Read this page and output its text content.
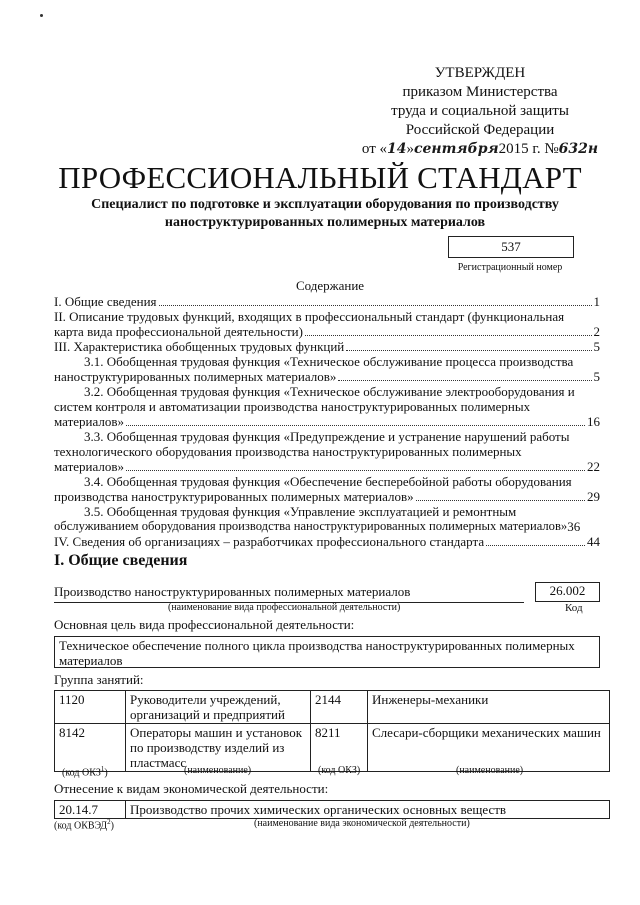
УТВЕРЖДЕН
приказом Министерства
труда и социальной защиты
Российской Федерации
от «14»сентября2015 г. №632н
ПРОФЕССИОНАЛЬНЫЙ СТАНДАРТ
Специалист по подготовке и эксплуатации оборудования по производству наноструктурированных полимерных материалов
537
Регистрационный номер
Содержание
I. Общие сведения	1
II. Описание трудовых функций, входящих в профессиональный стандарт (функциональная
карта вида профессиональной деятельности)	2
III. Характеристика обобщенных трудовых функций	5
3.1. Обобщенная трудовая функция «Техническое обслуживание процесса производства
наноструктурированных полимерных материалов»	5
3.2. Обобщенная трудовая функция «Техническое обслуживание электрооборудования и
систем контроля и автоматизации производства наноструктурированных полимерных
материалов»	16
3.3. Обобщенная трудовая функция «Предупреждение и устранение нарушений работы
технологического оборудования производства наноструктурированных полимерных
материалов»	22
3.4. Обобщенная трудовая функция «Обеспечение бесперебойной работы оборудования
производства наноструктурированных полимерных материалов»	29
3.5. Обобщенная трудовая функция «Управление эксплуатацией и ремонтным
обслуживанием оборудования производства наноструктурированных полимерных материалов» 36
IV. Сведения об организациях – разработчиках профессионального стандарта	44
I. Общие сведения
Производство наноструктурированных полимерных материалов	26.002
(наименование вида профессиональной деятельности)	Код
Основная цель вида профессиональной деятельности:
Техническое обеспечение полного цикла производства наноструктурированных полимерных материалов
Группа занятий:
1120	Руководители учреждений, организаций и предприятий	2144	Инженеры-механики
8142	Операторы машин и установок по производству изделий из пластмасс	8211	Слесари-сборщики механических машин
(код ОКЗ$^1$)	(наименование)	(код ОКЗ)	(наименование)
Отнесение к видам экономической деятельности:
20.14.7	Производство прочих химических органических основных веществ
(код ОКВЭД$^2$)	(наименование вида экономической деятельности)
